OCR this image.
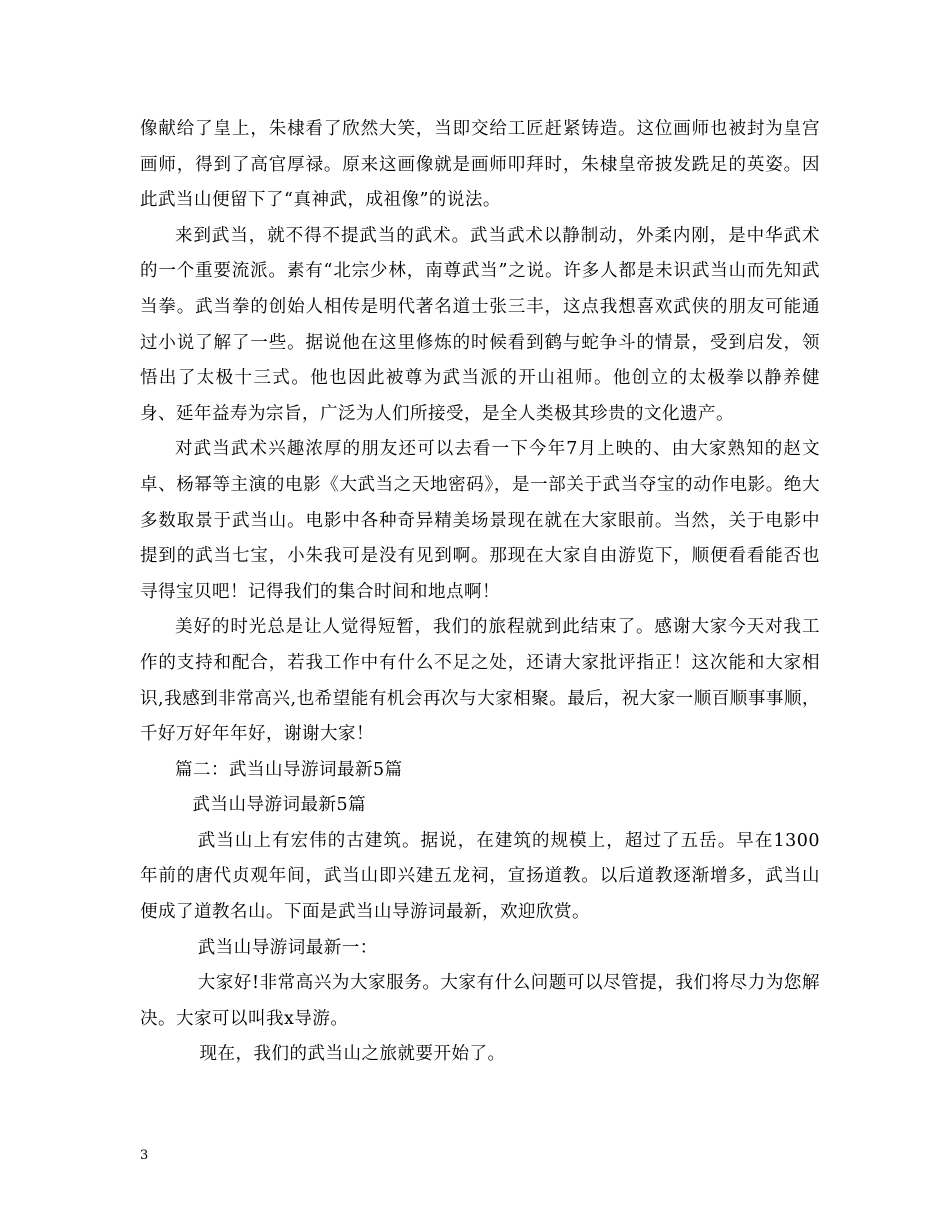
像献给了皇上，朱棣看了欣然大笑，当即交给工匠赶紧铸造。这位画师也被封为皇宫画师，得到了高官厚禄。原来这画像就是画师叩拜时，朱棣皇帝披发跣足的英姿。因此武当山便留下了“真神武，成祖像”的说法。

来到武当，就不得不提武当的武术。武当武术以静制动，外柔内刚，是中华武术的一个重要流派。素有“北宗少林，南尊武当”之说。许多人都是未识武当山而先知武当拳。武当拳的创始人相传是明代著名道士张三丰，这点我想喜欢武侠的朋友可能通过小说了解了一些。据说他在这里修炼的时候看到鹤与蛇争斗的情景，受到启发，领悟出了太极十三式。他也因此被尊为武当派的开山祖师。他创立的太极拳以静养健身、延年益寿为宗旨，广泛为人们所接受，是全人类极其珍贵的文化遗产。

对武当武术兴趣浓厚的朋友还可以去看一下今年7月上映的、由大家熟知的赵文卓、杨幂等主演的电影《大武当之天地密码》，是一部关于武当夺宝的动作电影。绝大多数取景于武当山。电影中各种奇异精美场景现在就在大家眼前。当然，关于电影中提到的武当七宝，小朱我可是没有见到啊。那现在大家自由游览下，顺便看看能否也寻得宝贝吧！记得我们的集合时间和地点啊！

美好的时光总是让人觉得短暂，我们的旅程就到此结束了。感谢大家今天对我工作的支持和配合，若我工作中有什么不足之处，还请大家批评指正！这次能和大家相识,我感到非常高兴,也希望能有机会再次与大家相聚。最后，祝大家一顺百顺事事顺，千好万好年年好，谢谢大家！

篇二：武当山导游词最新5篇

武当山导游词最新5篇

武当山上有宏伟的古建筑。据说，在建筑的规模上，超过了五岳。早在1300年前的唐代贞观年间，武当山即兴建五龙祠，宣扬道教。以后道教逐渐增多，武当山便成了道教名山。下面是武当山导游词最新，欢迎欣赏。

武当山导游词最新一：

大家好!非常高兴为大家服务。大家有什么问题可以尽管提，我们将尽力为您解决。大家可以叫我x导游。

现在，我们的武当山之旅就要开始了。

3
